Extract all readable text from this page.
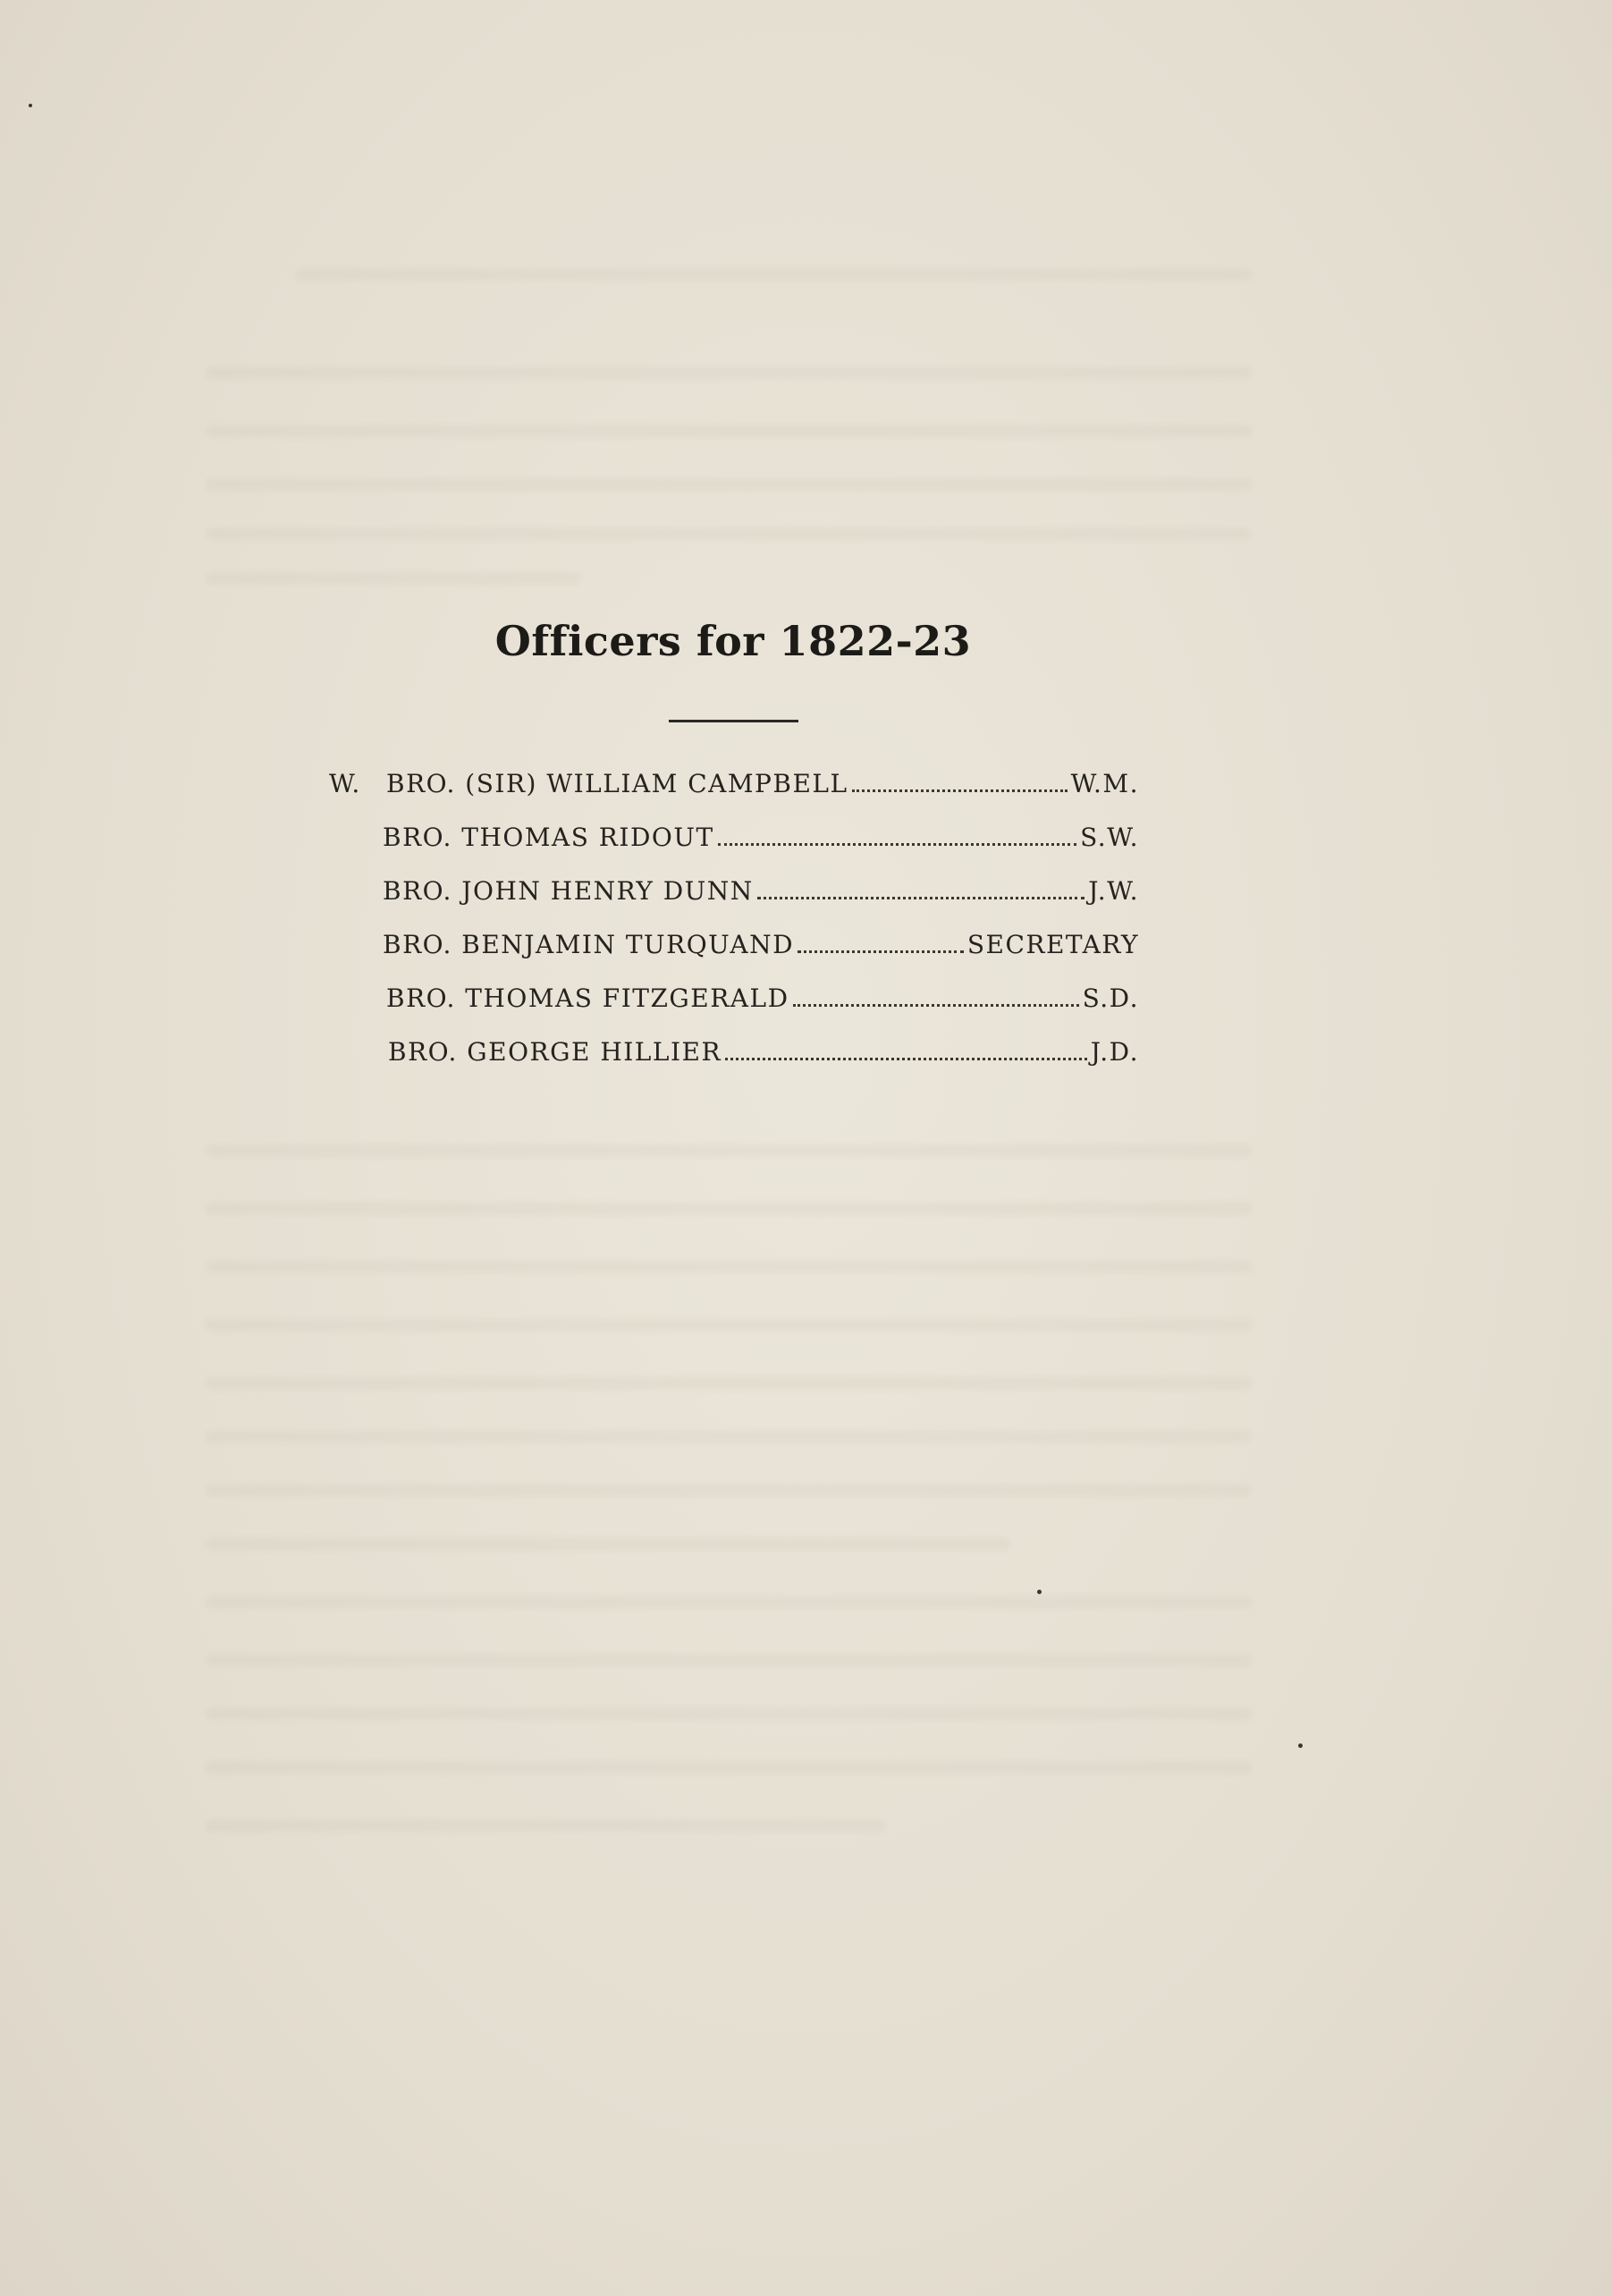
Officers for 1822-23
W.	BRO. (SIR) WILLIAM CAMPBELL	W.M.
BRO. THOMAS RIDOUT	S.W.
BRO. JOHN HENRY DUNN	J.W.
BRO. BENJAMIN TURQUAND	SECRETARY
BRO. THOMAS FITZGERALD	S.D.
BRO. GEORGE HILLIER	J.D.
